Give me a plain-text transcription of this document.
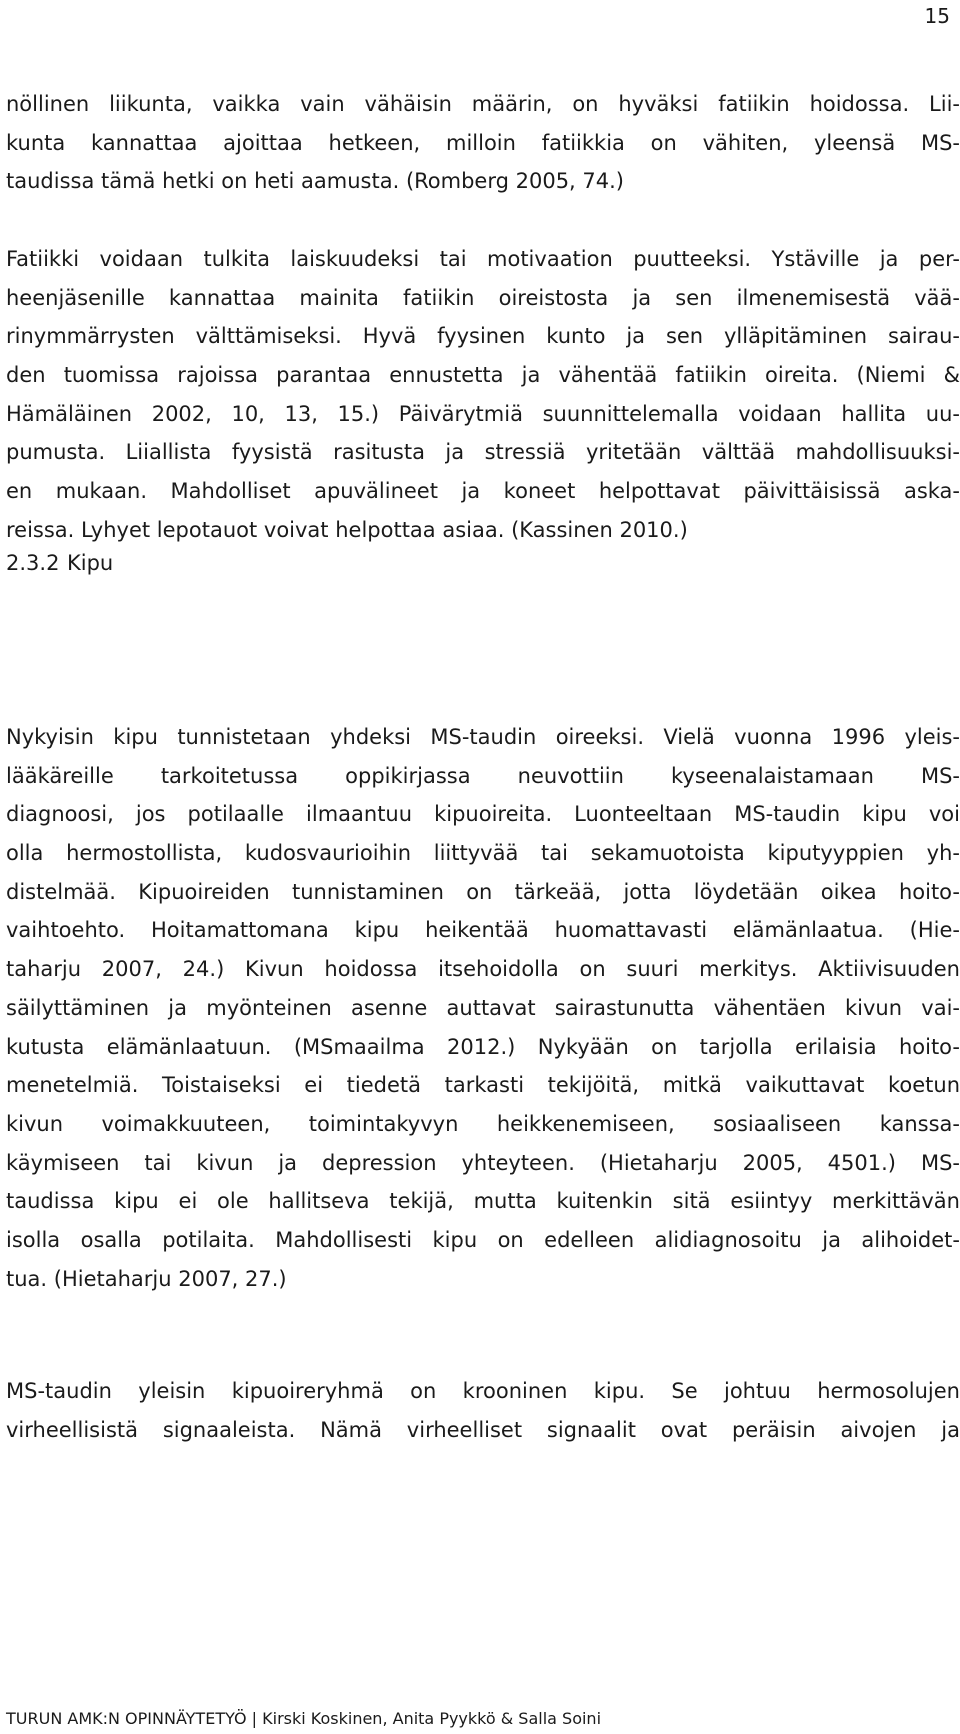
15
nöllinen liikunta, vaikka vain vähäisin määrin, on hyväksi fatiikin hoidossa. Lii-
kunta kannattaa ajoittaa hetkeen, milloin fatiikkia on vähiten, yleensä MS-
taudissa tämä hetki on heti aamusta. (Romberg 2005, 74.)
Fatiikki voidaan tulkita laiskuudeksi tai motivaation puutteeksi. Ystäville ja per-
heenjäsenille kannattaa mainita fatiikin oireistosta ja sen ilmenemisestä vää-
rinymmärrysten välttämiseksi. Hyvä fyysinen kunto ja sen ylläpitäminen sairau-
den tuomissa rajoissa parantaa ennustetta ja vähentää fatiikin oireita. (Niemi &
Hämäläinen 2002, 10, 13, 15.) Päivärytmiä suunnittelemalla voidaan hallita uu-
pumusta. Liiallista fyysistä rasitusta ja stressiä yritetään välttää mahdollisuuksi-
en mukaan. Mahdolliset apuvälineet ja koneet helpottavat päivittäisissä aska-
reissa. Lyhyet lepotauot voivat helpottaa asiaa. (Kassinen 2010.)
2.3.2 Kipu
Nykyisin kipu tunnistetaan yhdeksi MS-taudin oireeksi. Vielä vuonna 1996 yleis-
lääkäreille tarkoitetussa oppikirjassa neuvottiin kyseenalaistamaan MS-
diagnoosi, jos potilaalle ilmaantuu kipuoireita. Luonteeltaan MS-taudin kipu voi
olla hermostollista, kudosvaurioihin liittyvää tai sekamuotoista kiputyyppien yh-
distelmää. Kipuoireiden tunnistaminen on tärkeää, jotta löydetään oikea hoito-
vaihtoehto. Hoitamattomana kipu heikentää huomattavasti elämänlaatua. (Hie-
taharju 2007, 24.) Kivun hoidossa itsehoidolla on suuri merkitys. Aktiivisuuden
säilyttäminen ja myönteinen asenne auttavat sairastunutta vähentäen kivun vai-
kutusta elämänlaatuun. (MSmaailma 2012.) Nykyään on tarjolla erilaisia hoito-
menetelmiä. Toistaiseksi ei tiedetä tarkasti tekijöitä, mitkä vaikuttavat koetun
kivun voimakkuuteen, toimintakyvyn heikkenemiseen, sosiaaliseen kanssa-
käymiseen tai kivun ja depression yhteyteen. (Hietaharju 2005, 4501.) MS-
taudissa kipu ei ole hallitseva tekijä, mutta kuitenkin sitä esiintyy merkittävän
isolla osalla potilaita. Mahdollisesti kipu on edelleen alidiagnosoitu ja alihoidet-
tua. (Hietaharju 2007, 27.)
MS-taudin yleisin kipuoireryhmä on krooninen kipu. Se johtuu hermosolujen
virheellisistä signaaleista. Nämä virheelliset signaalit ovat peräisin aivojen ja
TURUN AMK:N OPINNÄYTETYÖ | Kirski Koskinen, Anita Pyykkö & Salla Soini
